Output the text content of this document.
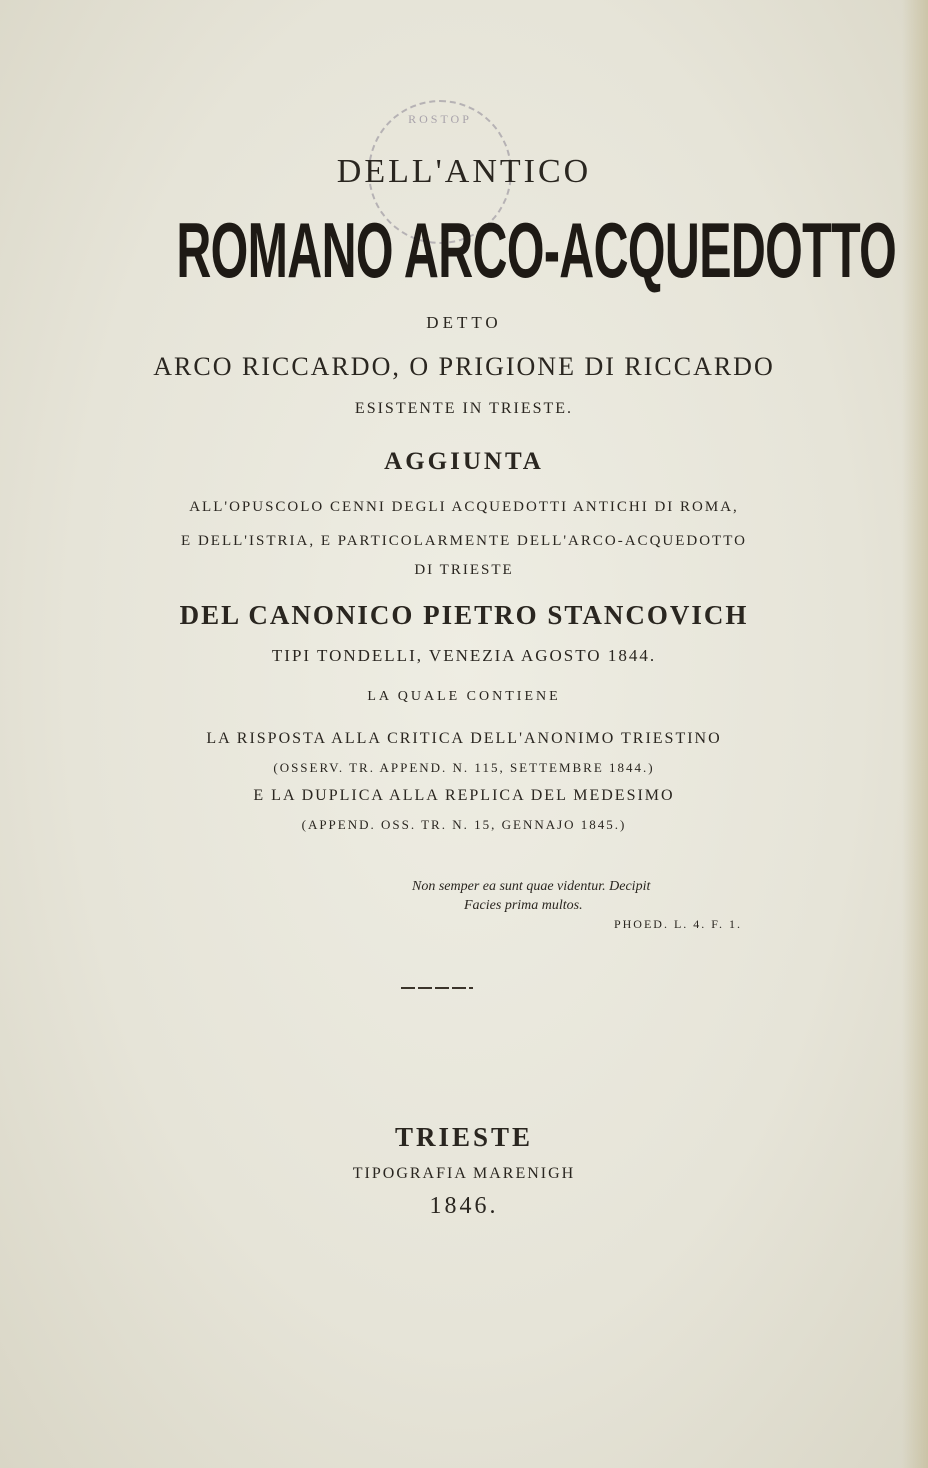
ROSTOP
DELL'ANTICO
ROMANO ARCO-ACQUEDOTTO
DETTO
ARCO RICCARDO, O PRIGIONE DI RICCARDO
ESISTENTE IN TRIESTE.
AGGIUNTA
ALL'OPUSCOLO CENNI DEGLI ACQUEDOTTI ANTICHI DI ROMA,
E DELL'ISTRIA, E PARTICOLARMENTE DELL'ARCO-ACQUEDOTTO
DI TRIESTE
DEL CANONICO PIETRO STANCOVICH
TIPI TONDELLI, VENEZIA AGOSTO 1844.
LA QUALE CONTIENE
LA RISPOSTA ALLA CRITICA DELL'ANONIMO TRIESTINO
(OSSERV. TR. APPEND. N. 115, SETTEMBRE 1844.)
E LA DUPLICA ALLA REPLICA DEL MEDESIMO
(APPEND. OSS. TR. N. 15, GENNAJO 1845.)
Non semper ea sunt quae videntur. Decipit
Facies prima multos.
PHOED. L. 4. F. 1.
TRIESTE
TIPOGRAFIA MARENIGH
1846.
